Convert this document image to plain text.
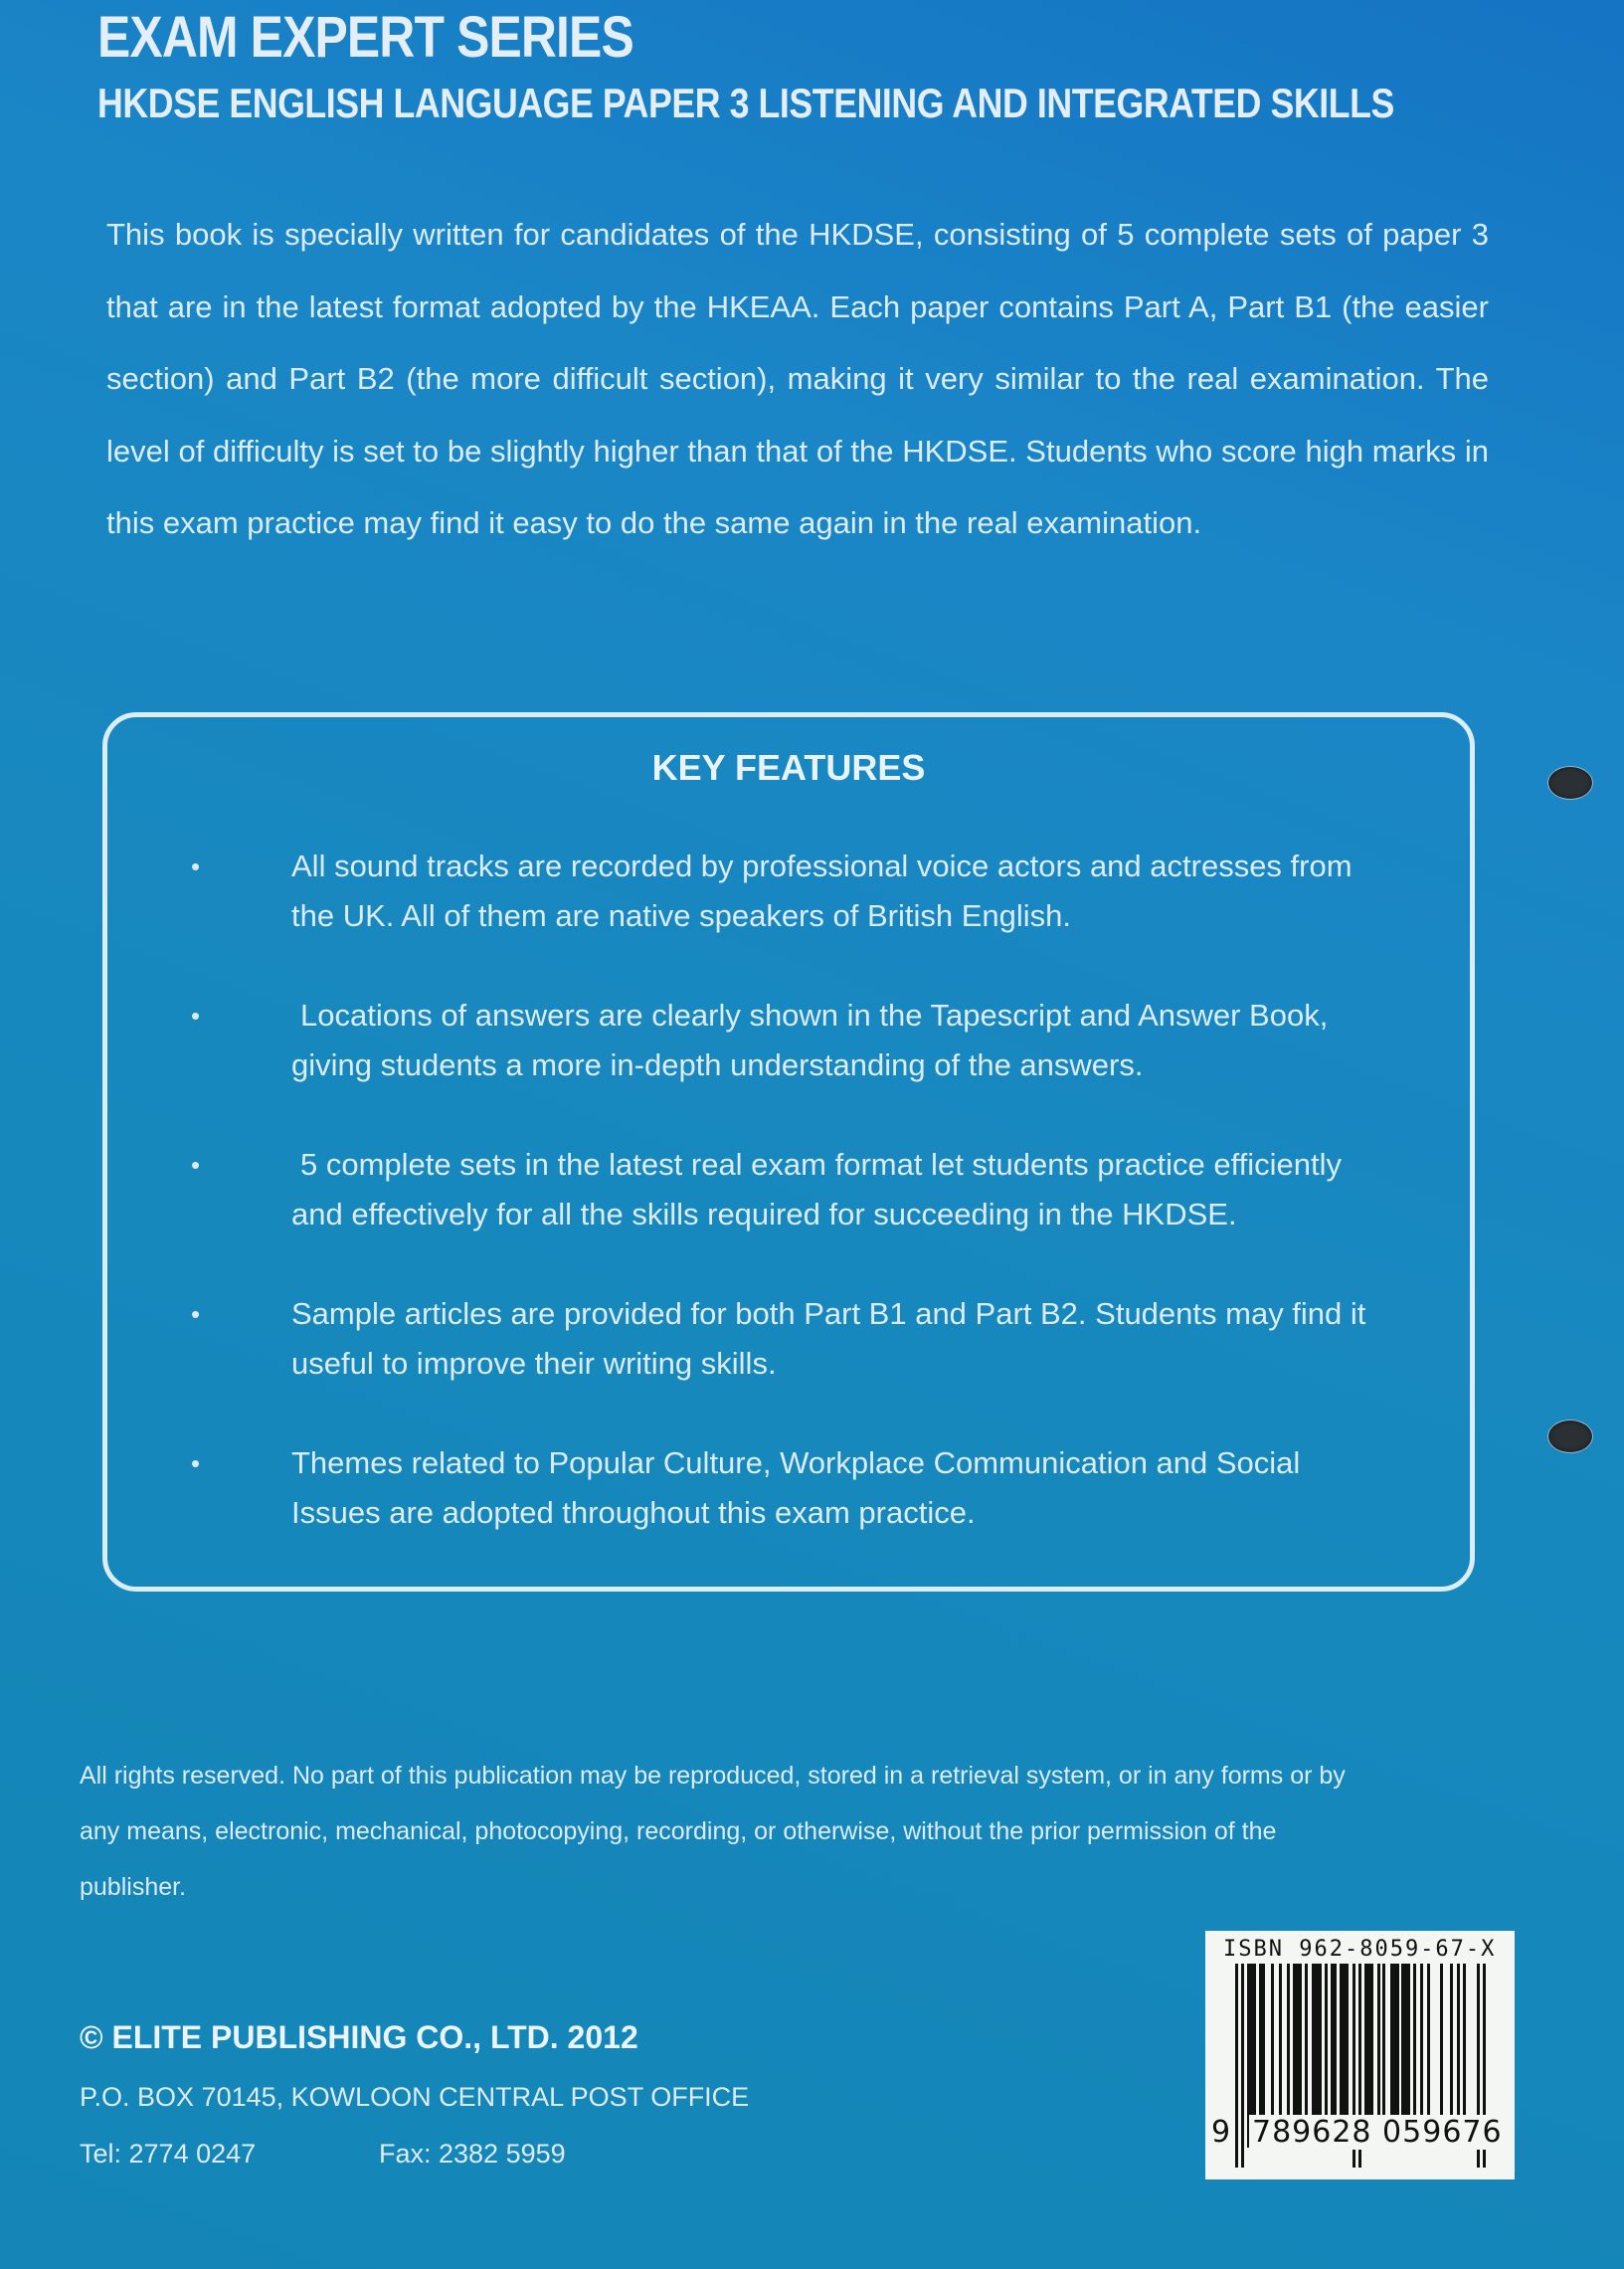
EXAM EXPERT SERIES
HKDSE ENGLISH LANGUAGE PAPER 3 LISTENING AND INTEGRATED SKILLS

This book is specially written for candidates of the HKDSE, consisting of 5 complete sets of paper 3 that are in the latest format adopted by the HKEAA. Each paper contains Part A, Part B1 (the easier section) and Part B2 (the more difficult section), making it very similar to the real examination. The level of difficulty is set to be slightly higher than that of the HKDSE. Students who score high marks in this exam practice may find it easy to do the same again in the real examination.

KEY FEATURES
•	All sound tracks are recorded by professional voice actors and actresses from the UK. All of them are native speakers of British English.
•	Locations of answers are clearly shown in the Tapescript and Answer Book, giving students a more in-depth understanding of the answers.
•	5 complete sets in the latest real exam format let students practice efficiently and effectively for all the skills required for succeeding in the HKDSE.
•	Sample articles are provided for both Part B1 and Part B2. Students may find it useful to improve their writing skills.
•	Themes related to Popular Culture, Workplace Communication and Social Issues are adopted throughout this exam practice.

All rights reserved. No part of this publication may be reproduced, stored in a retrieval system, or in any forms or by any means, electronic, mechanical, photocopying, recording, or otherwise, without the prior permission of the publisher.

© ELITE PUBLISHING CO., LTD. 2012
P.O. BOX 70145, KOWLOON CENTRAL POST OFFICE
Tel: 2774 0247	Fax: 2382 5959
ISBN 962-8059-67-X
9 789628 059676
